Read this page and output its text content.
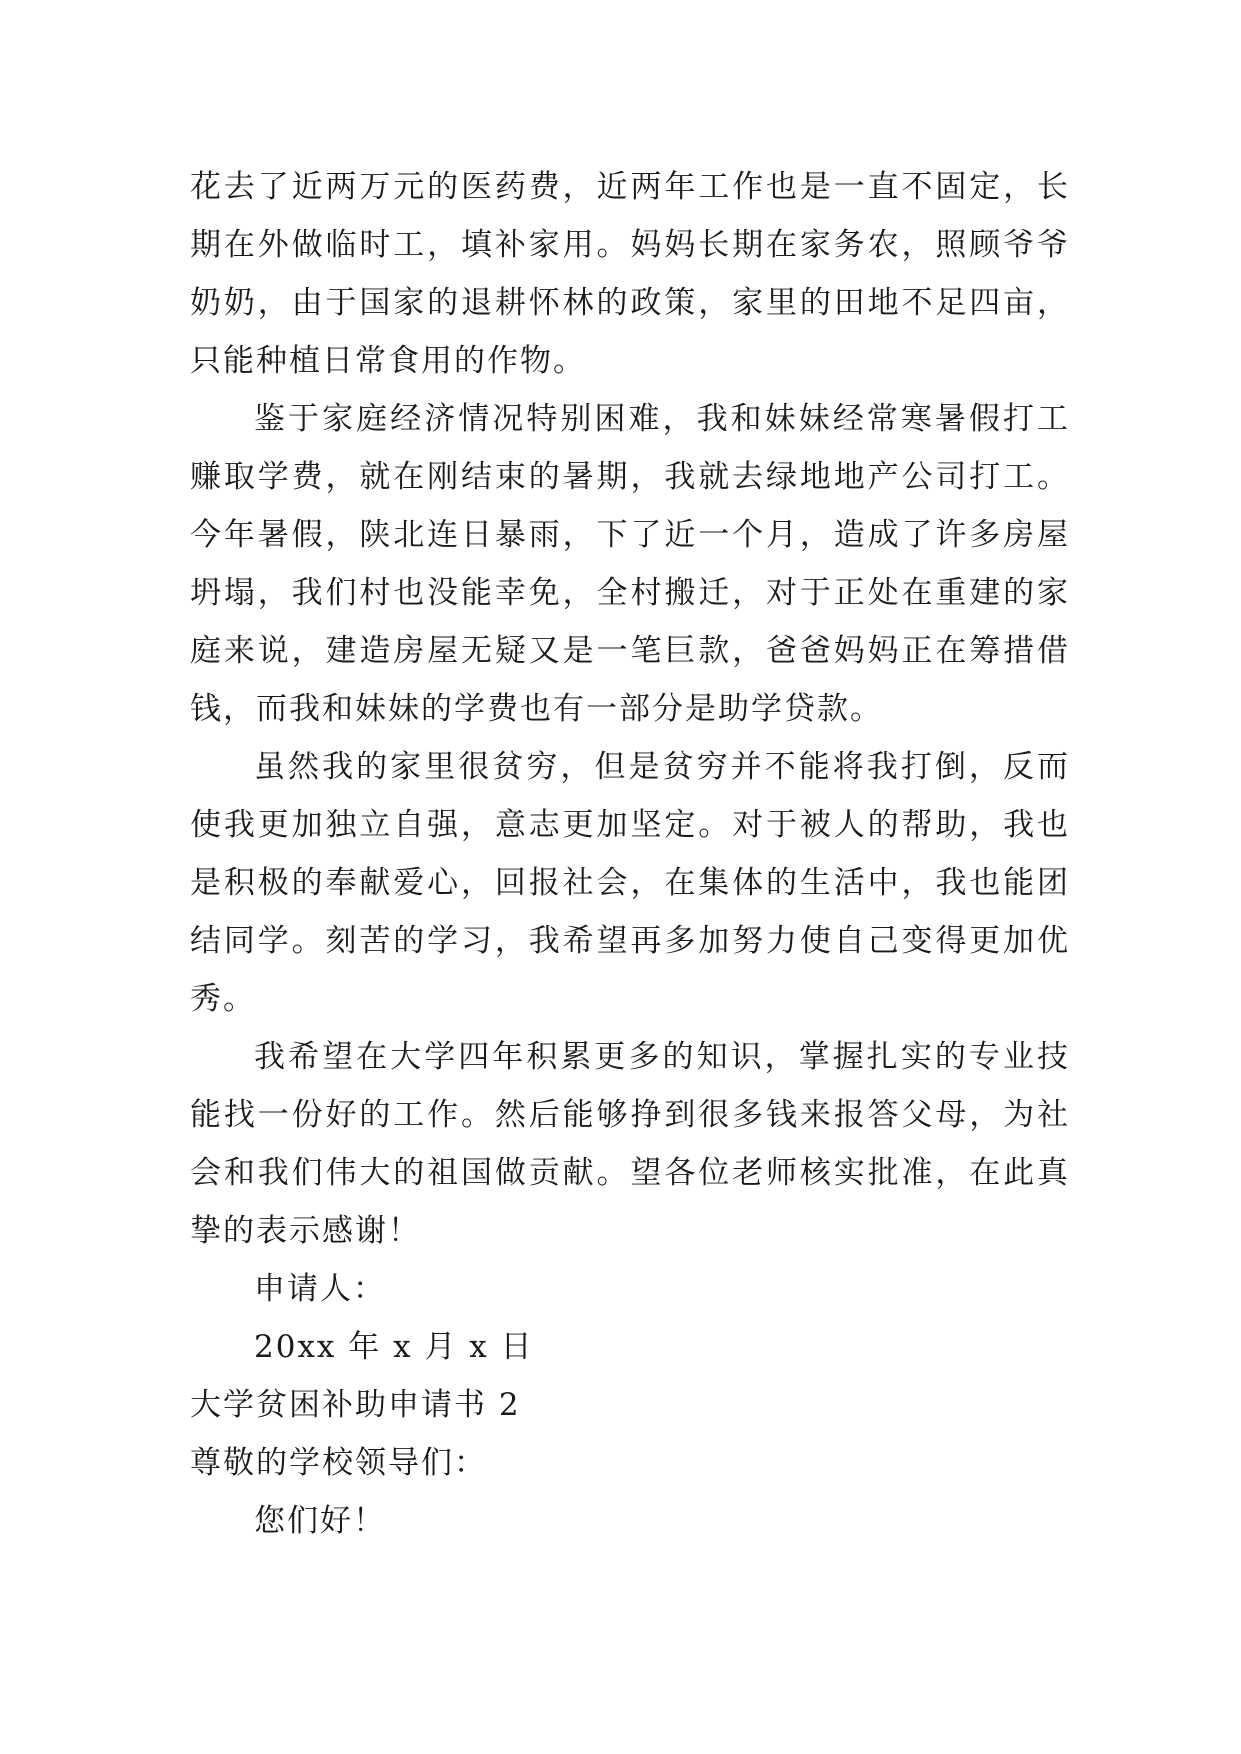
花去了近两万元的医药费，近两年工作也是一直不固定，长
期在外做临时工，填补家用。妈妈长期在家务农，照顾爷爷
奶奶，由于国家的退耕怀林的政策，家里的田地不足四亩，
只能种植日常食用的作物。
鉴于家庭经济情况特别困难，我和妹妹经常寒暑假打工
赚取学费，就在刚结束的暑期，我就去绿地地产公司打工。
今年暑假，陕北连日暴雨，下了近一个月，造成了许多房屋
坍塌，我们村也没能幸免，全村搬迁，对于正处在重建的家
庭来说，建造房屋无疑又是一笔巨款，爸爸妈妈正在筹措借
钱，而我和妹妹的学费也有一部分是助学贷款。
虽然我的家里很贫穷，但是贫穷并不能将我打倒，反而
使我更加独立自强，意志更加坚定。对于被人的帮助，我也
是积极的奉献爱心，回报社会，在集体的生活中，我也能团
结同学。刻苦的学习，我希望再多加努力使自己变得更加优
秀。
我希望在大学四年积累更多的知识，掌握扎实的专业技
能找一份好的工作。然后能够挣到很多钱来报答父母，为社
会和我们伟大的祖国做贡献。望各位老师核实批准，在此真
挚的表示感谢！
申请人：
20xx 年 x 月 x 日
大学贫困补助申请书 2
尊敬的学校领导们：
您们好！
